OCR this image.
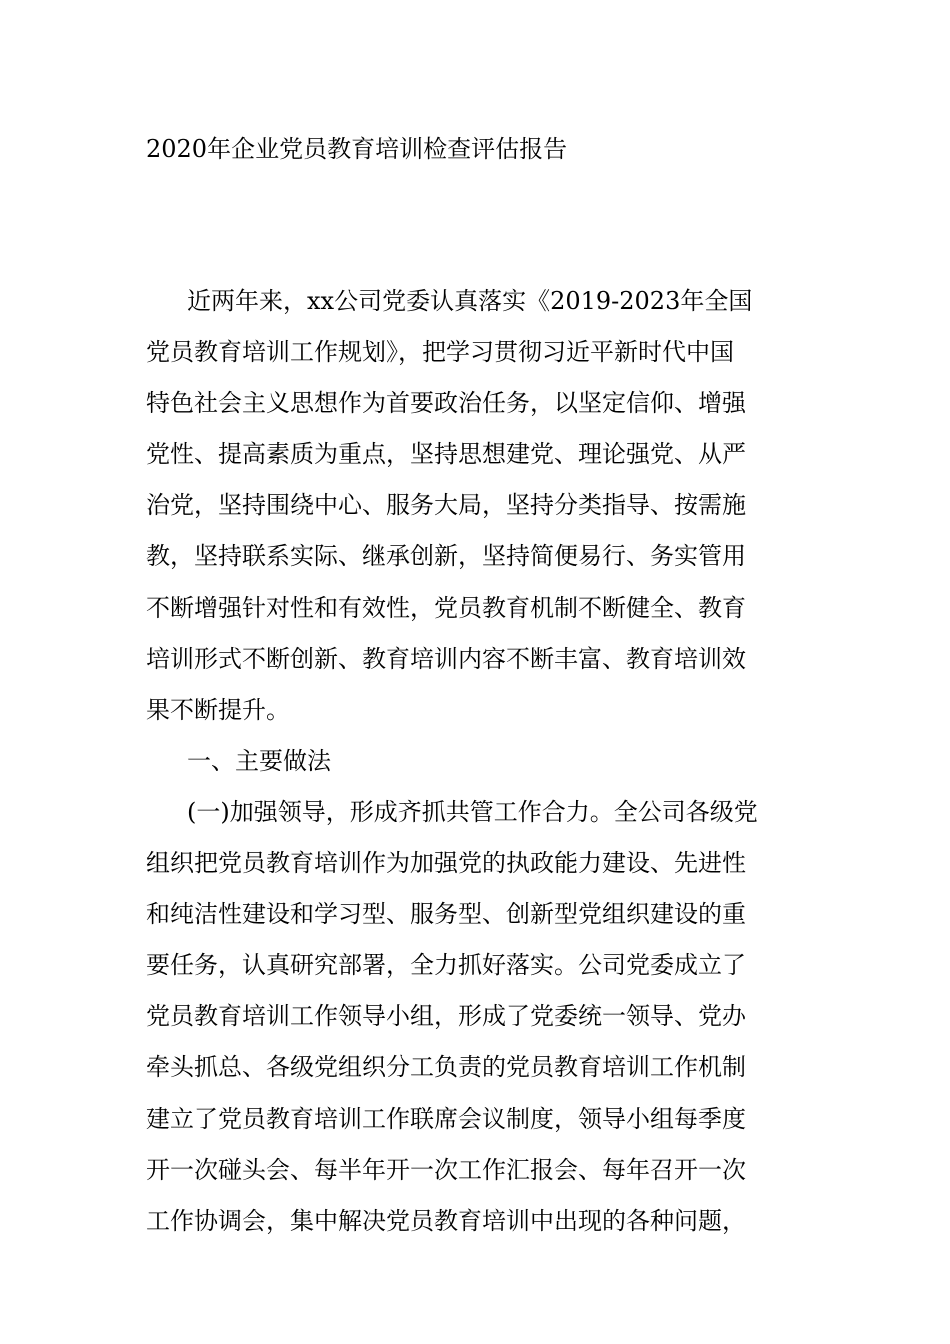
2020年企业党员教育培训检查评估报告
近两年来，xx公司党委认真落实《2019-2023年全国
党员教育培训工作规划》，把学习贯彻习近平新时代中国
特色社会主义思想作为首要政治任务，以坚定信仰、增强
党性、提高素质为重点，坚持思想建党、理论强党、从严
治党，坚持围绕中心、服务大局，坚持分类指导、按需施
教，坚持联系实际、继承创新，坚持简便易行、务实管用
不断增强针对性和有效性，党员教育机制不断健全、教育
培训形式不断创新、教育培训内容不断丰富、教育培训效
果不断提升。
一、主要做法
(一)加强领导，形成齐抓共管工作合力。全公司各级党
组织把党员教育培训作为加强党的执政能力建设、先进性
和纯洁性建设和学习型、服务型、创新型党组织建设的重
要任务，认真研究部署，全力抓好落实。公司党委成立了
党员教育培训工作领导小组，形成了党委统一领导、党办
牵头抓总、各级党组织分工负责的党员教育培训工作机制
建立了党员教育培训工作联席会议制度，领导小组每季度
开一次碰头会、每半年开一次工作汇报会、每年召开一次
工作协调会，集中解决党员教育培训中出现的各种问题，
